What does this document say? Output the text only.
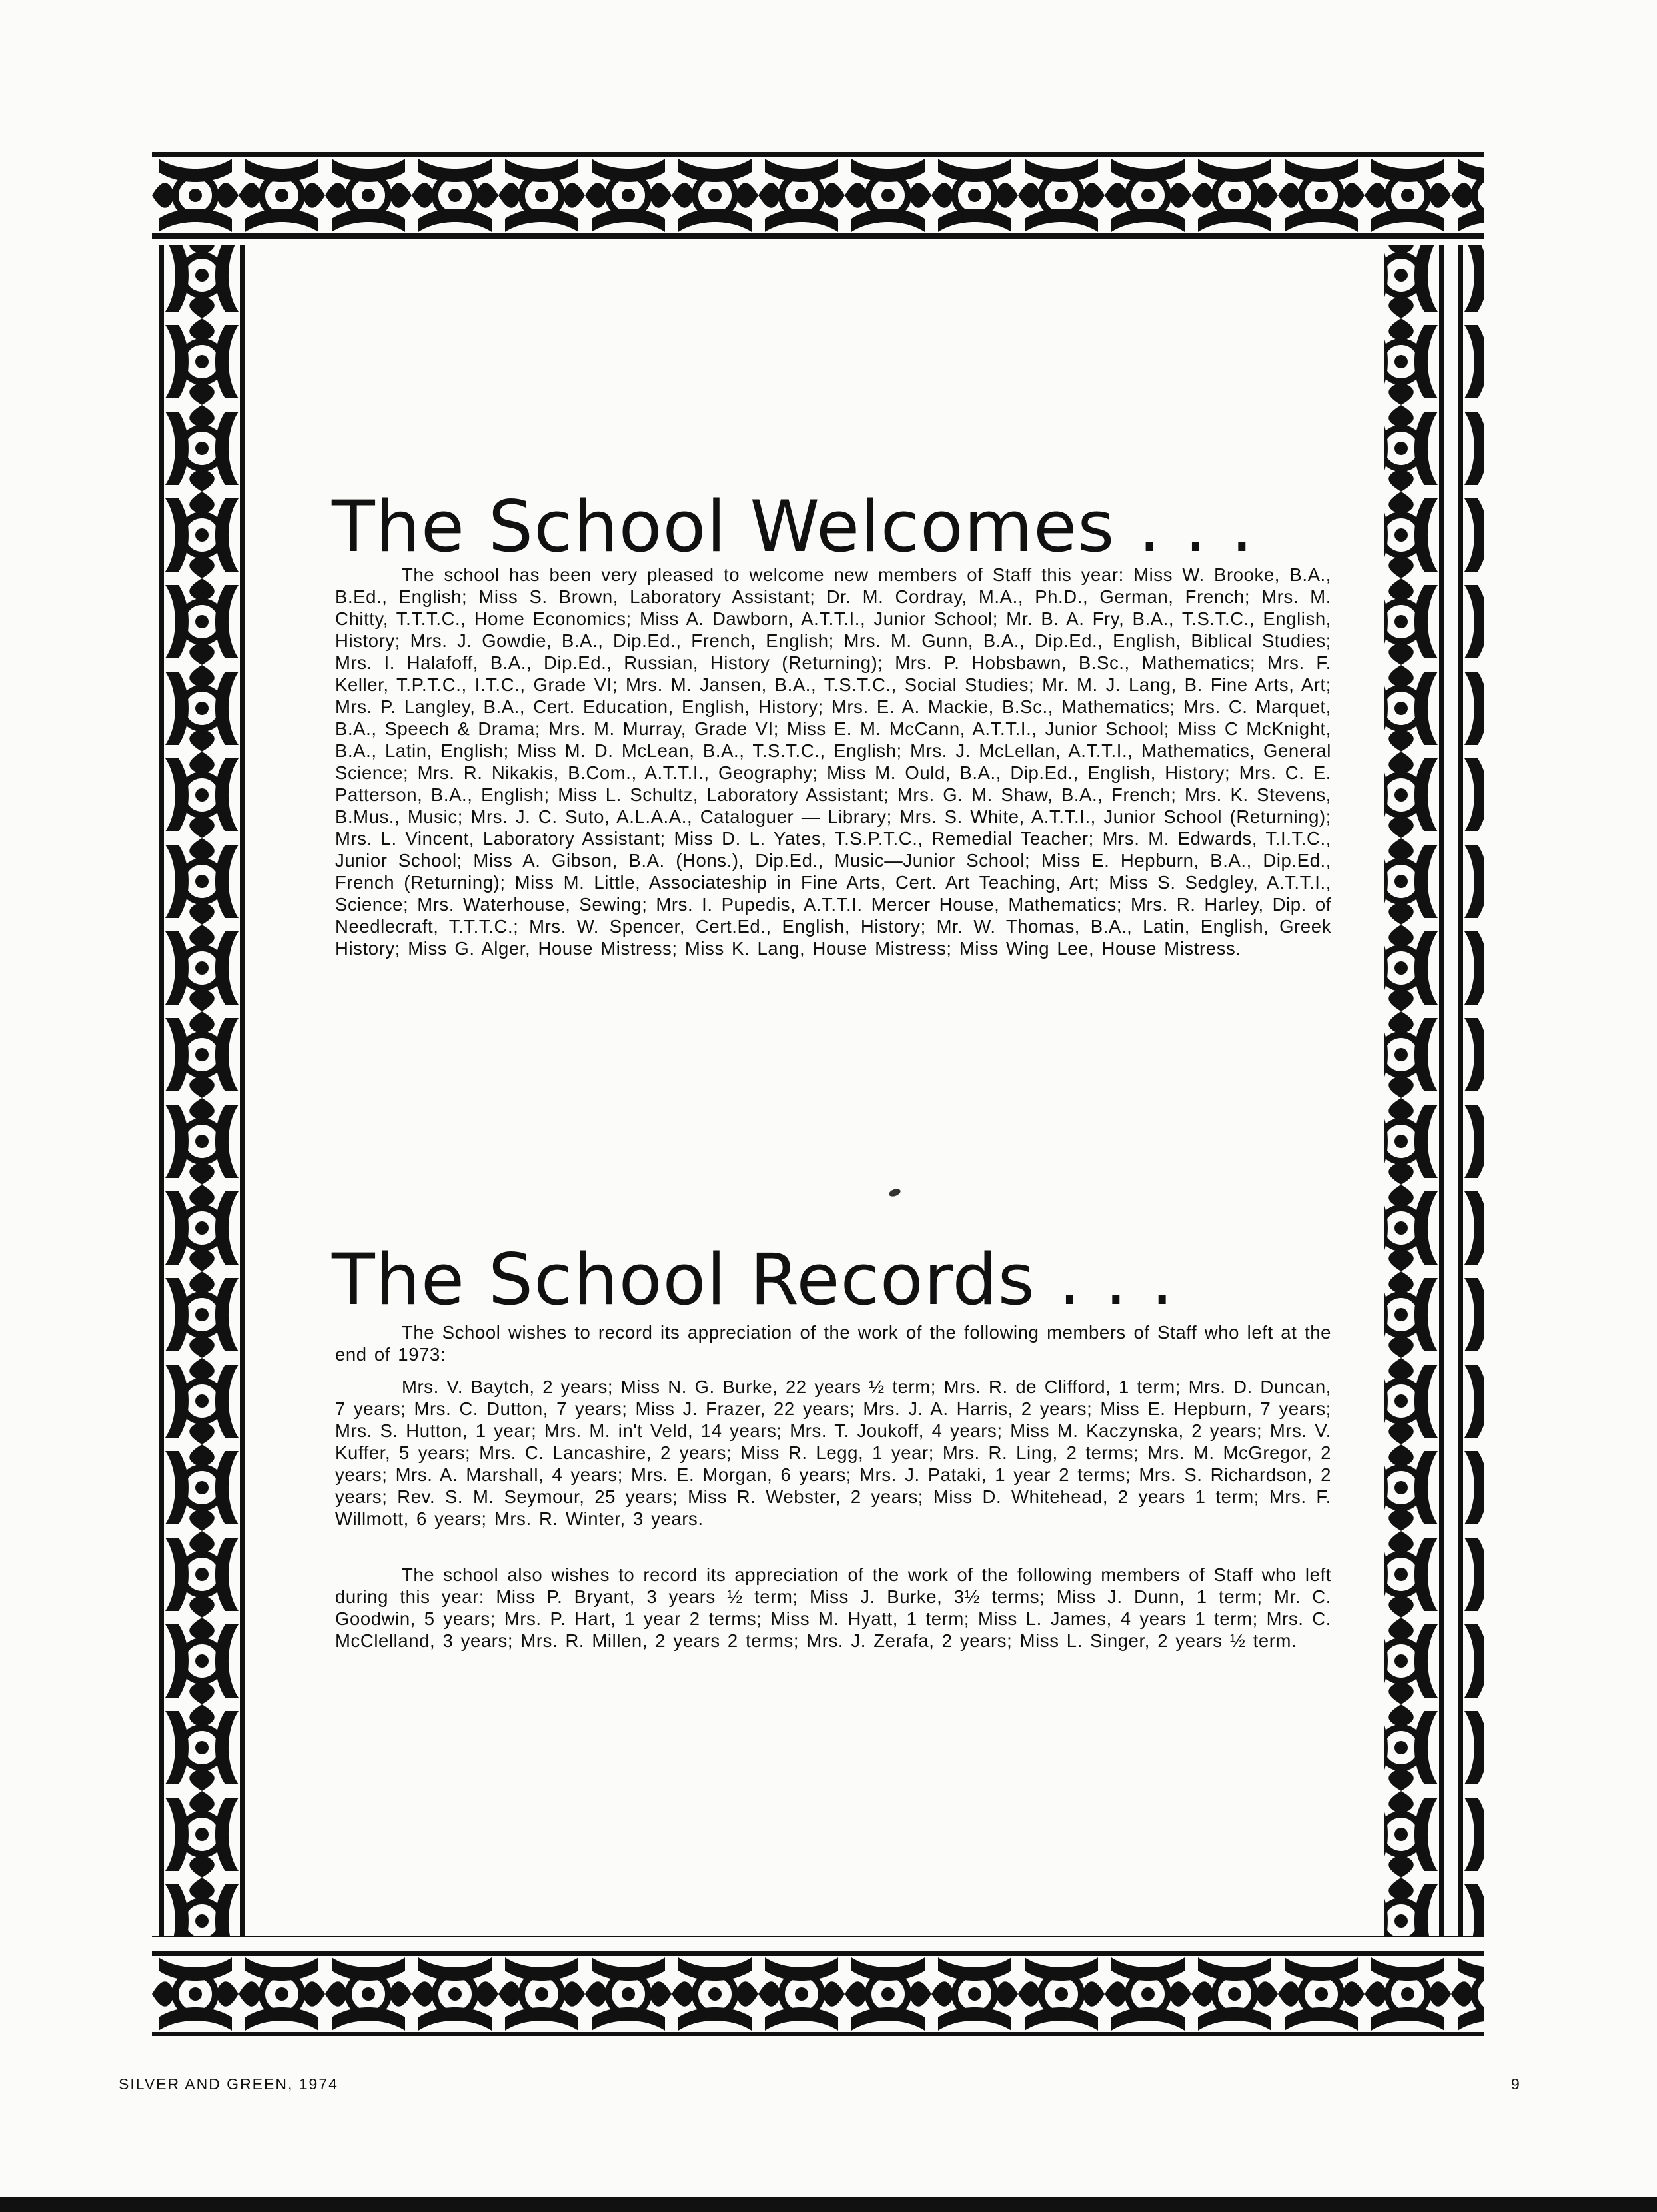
The School Welcomes . . .

The school has been very pleased to welcome new members of Staff this year: Miss W. Brooke, B.A., B.Ed., English; Miss S. Brown, Laboratory Assistant; Dr. M. Cordray, M.A., Ph.D., German, French; Mrs. M. Chitty, T.T.T.C., Home Economics; Miss A. Dawborn, A.T.T.I., Junior School; Mr. B. A. Fry, B.A., T.S.T.C., English, History; Mrs. J. Gowdie, B.A., Dip.Ed., French, English; Mrs. M. Gunn, B.A., Dip.Ed., English, Biblical Studies; Mrs. I. Halafoff, B.A., Dip.Ed., Russian, History (Returning); Mrs. P. Hobsbawn, B.Sc., Mathematics; Mrs. F. Keller, T.P.T.C., I.T.C., Grade VI; Mrs. M. Jansen, B.A., T.S.T.C., Social Studies; Mr. M. J. Lang, B. Fine Arts, Art; Mrs. P. Langley, B.A., Cert. Education, English, History; Mrs. E. A. Mackie, B.Sc., Mathematics; Mrs. C. Marquet, B.A., Speech & Drama; Mrs. M. Murray, Grade VI; Miss E. M. McCann, A.T.T.I., Junior School; Miss C McKnight, B.A., Latin, English; Miss M. D. McLean, B.A., T.S.T.C., English; Mrs. J. McLellan, A.T.T.I., Mathematics, General Science; Mrs. R. Nikakis, B.Com., A.T.T.I., Geography; Miss M. Ould, B.A., Dip.Ed., English, History; Mrs. C. E. Patterson, B.A., English; Miss L. Schultz, Laboratory Assistant; Mrs. G. M. Shaw, B.A., French; Mrs. K. Stevens, B.Mus., Music; Mrs. J. C. Suto, A.L.A.A., Cataloguer — Library; Mrs. S. White, A.T.T.I., Junior School (Returning); Mrs. L. Vincent, Laboratory Assistant; Miss D. L. Yates, T.S.P.T.C., Remedial Teacher; Mrs. M. Edwards, T.I.T.C., Junior School; Miss A. Gibson, B.A. (Hons.), Dip.Ed., Music—Junior School; Miss E. Hepburn, B.A., Dip.Ed., French (Returning); Miss M. Little, Associateship in Fine Arts, Cert. Art Teaching, Art; Miss S. Sedgley, A.T.T.I., Science; Mrs. Waterhouse, Sewing; Mrs. I. Pupedis, A.T.T.I. Mercer House, Mathematics; Mrs. R. Harley, Dip. of Needlecraft, T.T.T.C.; Mrs. W. Spencer, Cert.Ed., English, History; Mr. W. Thomas, B.A., Latin, English, Greek History; Miss G. Alger, House Mistress; Miss K. Lang, House Mistress; Miss Wing Lee, House Mistress.

The School Records . . .

The School wishes to record its appreciation of the work of the following members of Staff who left at the end of 1973:

Mrs. V. Baytch, 2 years; Miss N. G. Burke, 22 years ½ term; Mrs. R. de Clifford, 1 term; Mrs. D. Duncan, 7 years; Mrs. C. Dutton, 7 years; Miss J. Frazer, 22 years; Mrs. J. A. Harris, 2 years; Miss E. Hepburn, 7 years; Mrs. S. Hutton, 1 year; Mrs. M. in't Veld, 14 years; Mrs. T. Joukoff, 4 years; Miss M. Kaczynska, 2 years; Mrs. V. Kuffer, 5 years; Mrs. C. Lancashire, 2 years; Miss R. Legg, 1 year; Mrs. R. Ling, 2 terms; Mrs. M. McGregor, 2 years; Mrs. A. Marshall, 4 years; Mrs. E. Morgan, 6 years; Mrs. J. Pataki, 1 year 2 terms; Mrs. S. Richardson, 2 years; Rev. S. M. Seymour, 25 years; Miss R. Webster, 2 years; Miss D. Whitehead, 2 years 1 term; Mrs. F. Willmott, 6 years; Mrs. R. Winter, 3 years.

The school also wishes to record its appreciation of the work of the following members of Staff who left during this year: Miss P. Bryant, 3 years ½ term; Miss J. Burke, 3½ terms; Miss J. Dunn, 1 term; Mr. C. Goodwin, 5 years; Mrs. P. Hart, 1 year 2 terms; Miss M. Hyatt, 1 term; Miss L. James, 4 years 1 term; Mrs. C. McClelland, 3 years; Mrs. R. Millen, 2 years 2 terms; Mrs. J. Zerafa, 2 years; Miss L. Singer, 2 years ½ term.

SILVER AND GREEN, 1974	9
